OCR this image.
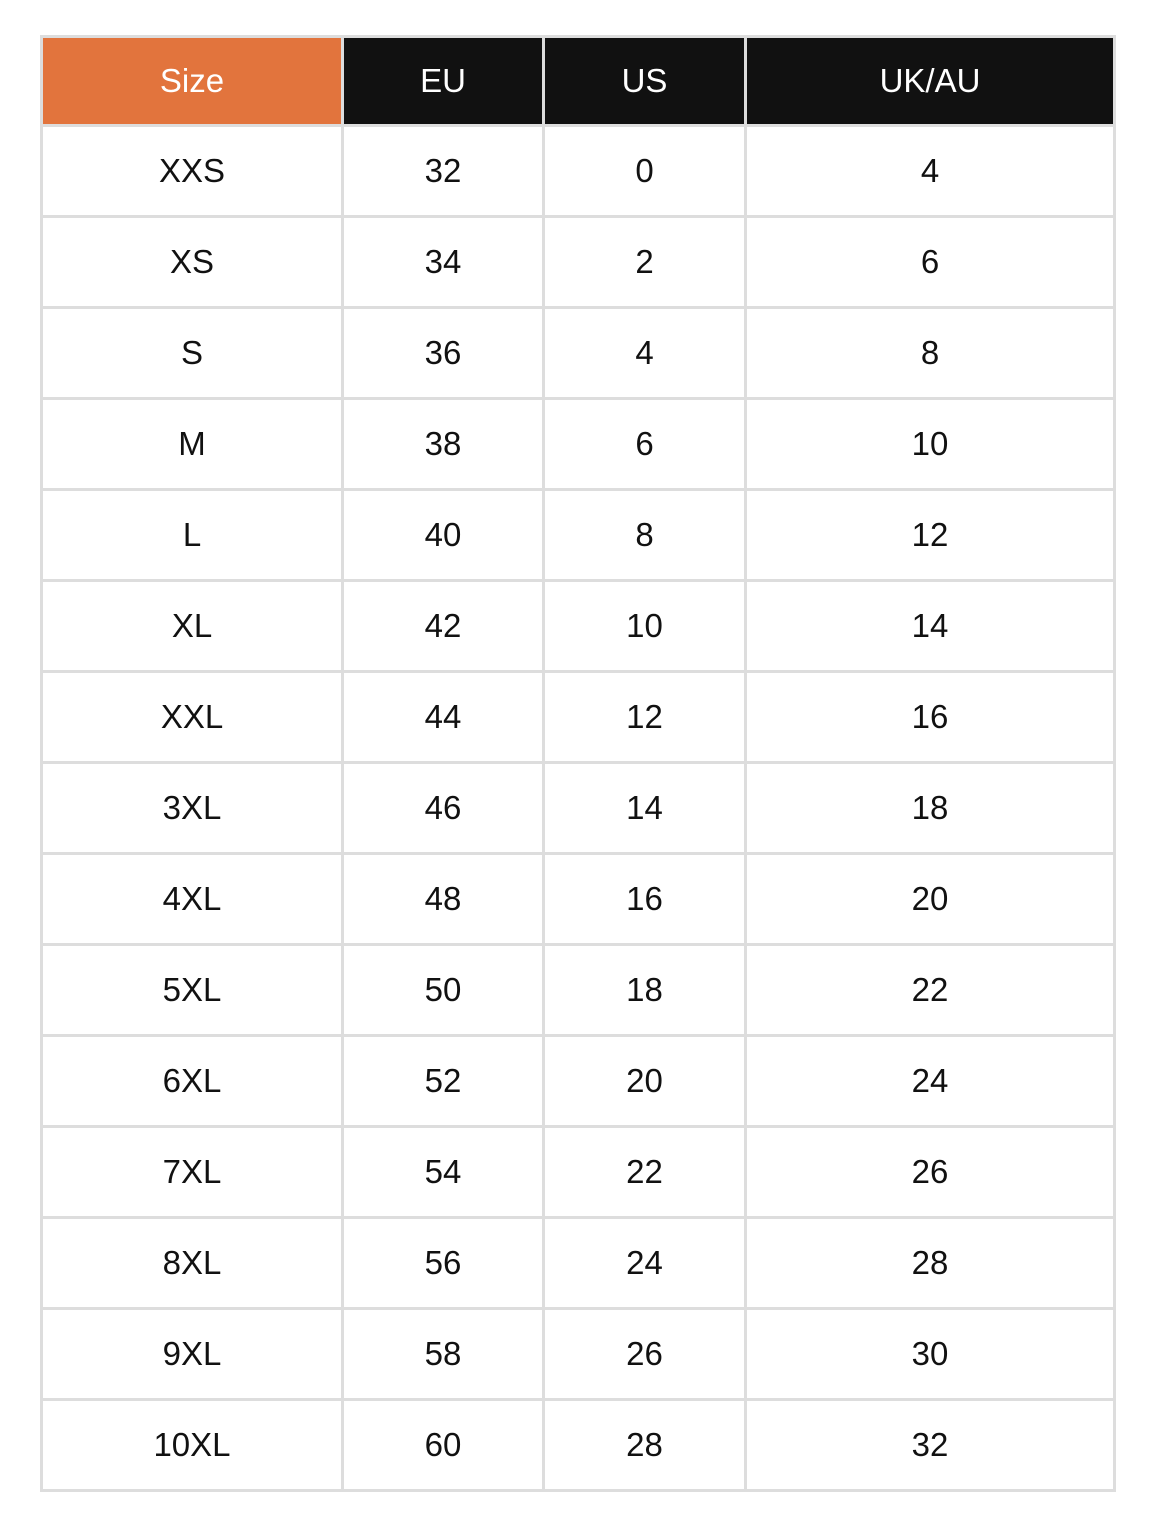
Size	EU	US	UK/AU
XXS	32	0	4
XS	34	2	6
S	36	4	8
M	38	6	10
L	40	8	12
XL	42	10	14
XXL	44	12	16
3XL	46	14	18
4XL	48	16	20
5XL	50	18	22
6XL	52	20	24
7XL	54	22	26
8XL	56	24	28
9XL	58	26	30
10XL	60	28	32
